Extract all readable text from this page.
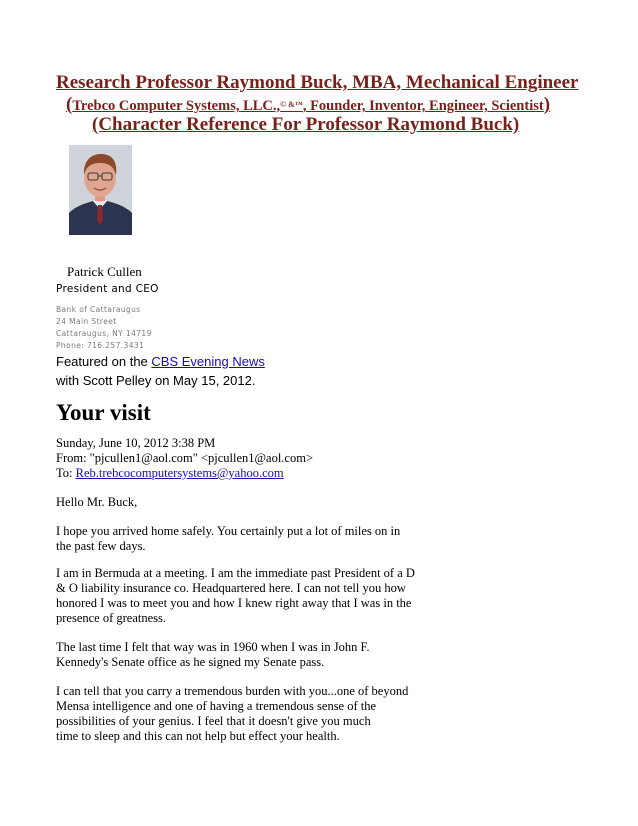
Research Professor Raymond Buck, MBA, Mechanical Engineer
(Trebco Computer Systems, LLC.,© &™, Founder, Inventor, Engineer, Scientist)
(Character Reference For Professor Raymond Buck)
Patrick Cullen
President and CEO
Bank of Cattaraugus
24 Main Street
Cattaraugus, NY 14719
Phone: 716.257.3431
Featured on the CBS Evening News
with Scott Pelley on May 15, 2012.
Your visit
Sunday, June 10, 2012 3:38 PM
From: "pjcullen1@aol.com" <pjcullen1@aol.com>
To: Reb.trebcocomputersystems@yahoo.com
Hello Mr. Buck,
I hope you arrived home safely. You certainly put a lot of miles on in
the past few days.
I am in Bermuda at a meeting. I am the immediate past President of a D
& O liability insurance co. Headquartered here. I can not tell you how
honored I was to meet you and how I knew right away that I was in the
presence of greatness.
The last time I felt that way was in 1960 when I was in John F.
Kennedy's Senate office as he signed my Senate pass.
I can tell that you carry a tremendous burden with you...one of beyond
Mensa intelligence and one of having a tremendous sense of the
possibilities of your genius. I feel that it doesn't give you much
time to sleep and this can not help but effect your health.
